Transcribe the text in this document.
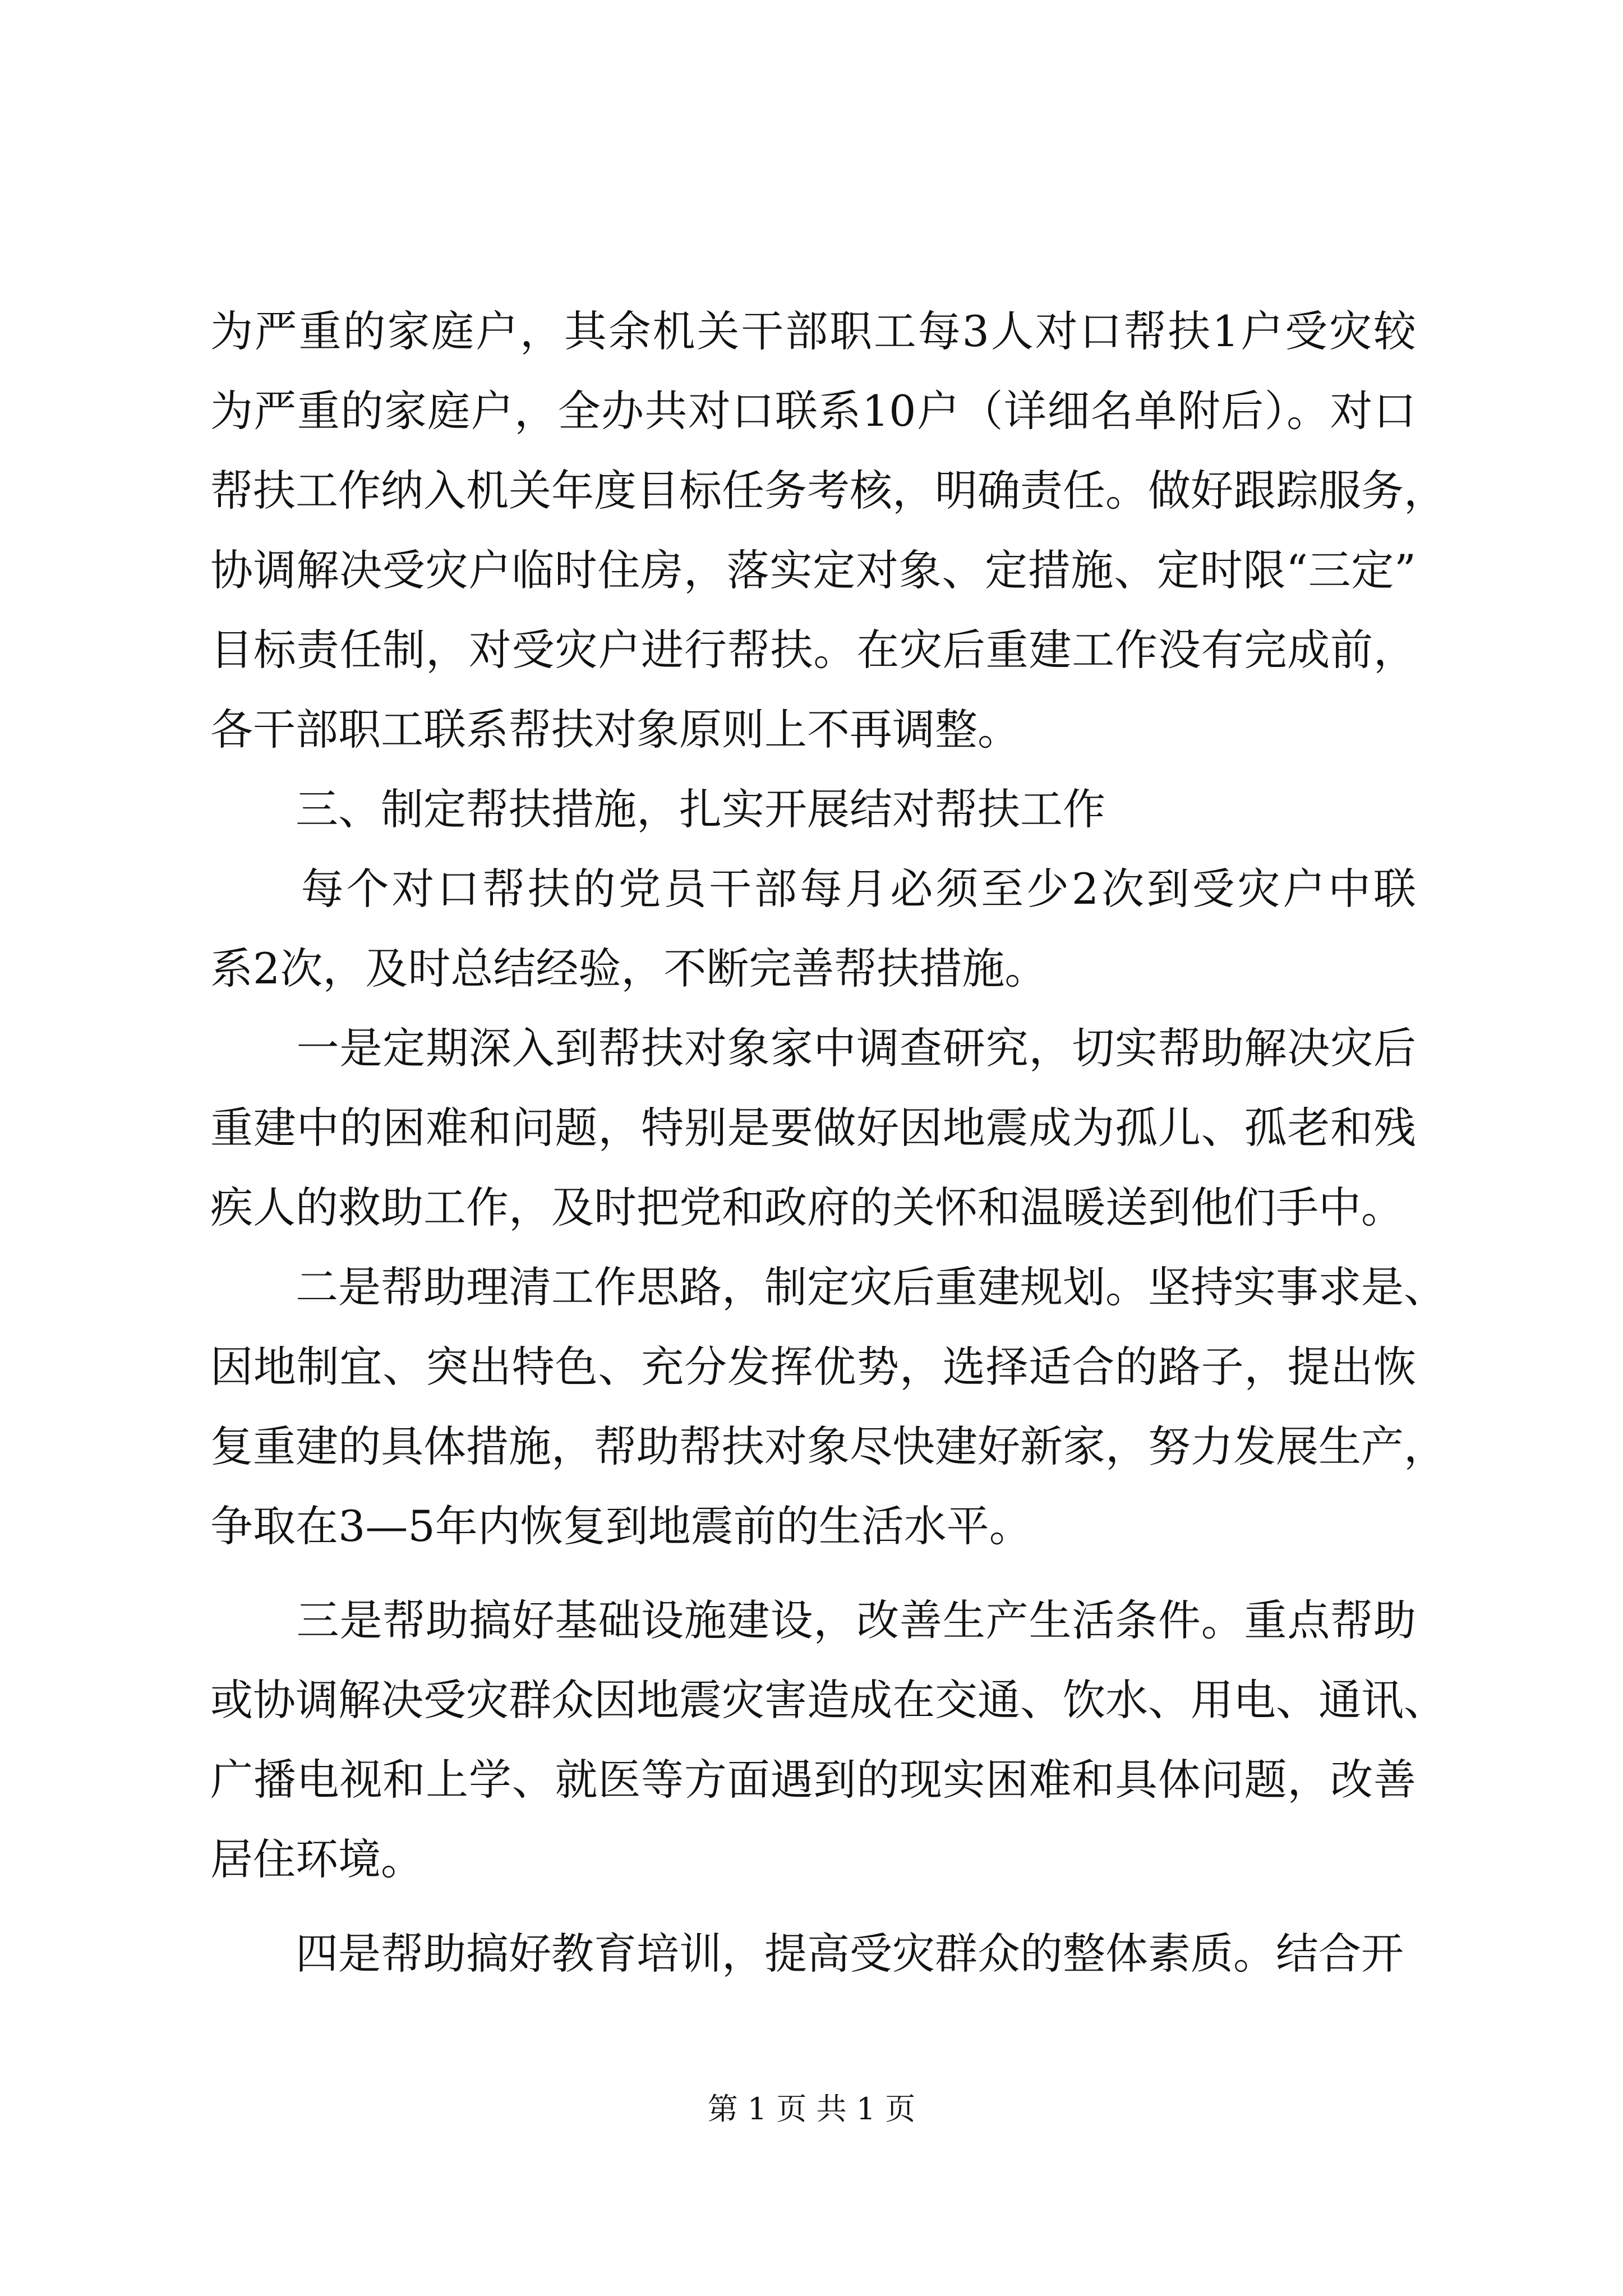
为严重的家庭户，其余机关干部职工每3人对口帮扶1户受灾较
为严重的家庭户，全办共对口联系10户（详细名单附后）。对口
帮扶工作纳入机关年度目标任务考核，明确责任。做好跟踪服务，
协调解决受灾户临时住房，落实定对象、定措施、定时限“三定”
目标责任制，对受灾户进行帮扶。在灾后重建工作没有完成前，
各干部职工联系帮扶对象原则上不再调整。
　　三、制定帮扶措施，扎实开展结对帮扶工作
　　每个对口帮扶的党员干部每月必须至少2次到受灾户中联
系2次，及时总结经验，不断完善帮扶措施。
　　一是定期深入到帮扶对象家中调查研究，切实帮助解决灾后
重建中的困难和问题，特别是要做好因地震成为孤儿、孤老和残
疾人的救助工作，及时把党和政府的关怀和温暖送到他们手中。
　　二是帮助理清工作思路，制定灾后重建规划。坚持实事求是、
因地制宜、突出特色、充分发挥优势，选择适合的路子，提出恢
复重建的具体措施，帮助帮扶对象尽快建好新家，努力发展生产，
争取在3—5年内恢复到地震前的生活水平。
　　三是帮助搞好基础设施建设，改善生产生活条件。重点帮助
或协调解决受灾群众因地震灾害造成在交通、饮水、用电、通讯、
广播电视和上学、就医等方面遇到的现实困难和具体问题，改善
居住环境。
　　四是帮助搞好教育培训，提高受灾群众的整体素质。结合开
第 1 页 共 1 页
